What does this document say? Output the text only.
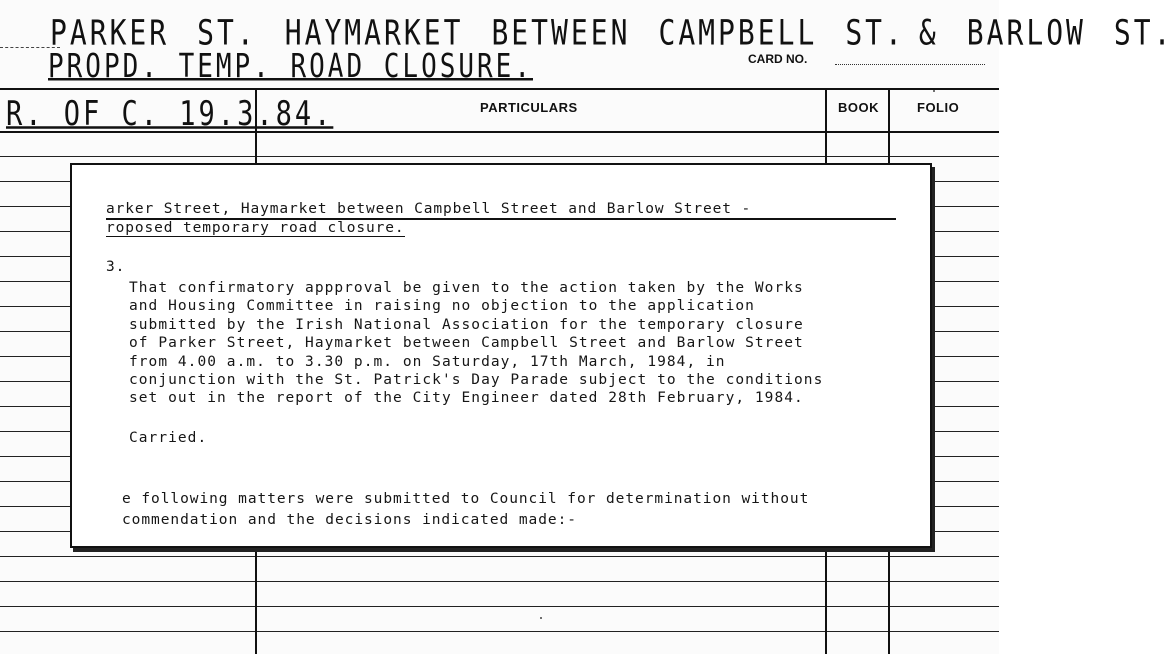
PARKER ST. HAYMARKET BETWEEN CAMPBELL ST. & BARLOW ST.
PROPD. TEMP. ROAD CLOSURE.	CARD NO.
R. OF C. 19.3.84.	PARTICULARS	BOOK	FOLIO
arker Street, Haymarket between Campbell Street and Barlow Street -
roposed temporary road closure.
3.
That confirmatory appproval be given to the action taken by the Works
and Housing Committee in raising no objection to the application
submitted by the Irish National Association for the temporary closure
of Parker Street, Haymarket between Campbell Street and Barlow Street
from 4.00 a.m. to 3.30 p.m. on Saturday, 17th March, 1984, in
conjunction with the St. Patrick's Day Parade subject to the conditions
set out in the report of the City Engineer dated 28th February, 1984.
Carried.
e following matters were submitted to Council for determination without
commendation and the decisions indicated made:-
